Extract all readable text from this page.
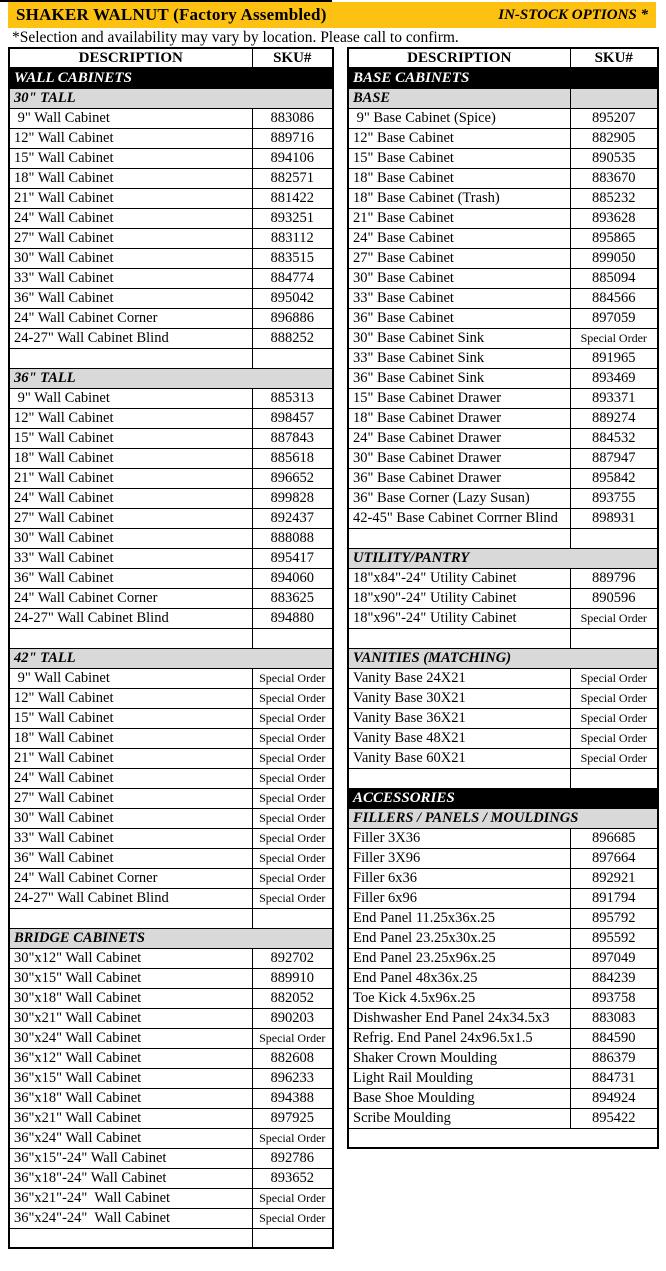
SHAKER WALNUT (Factory Assembled)	IN-STOCK OPTIONS *
*Selection and availability may vary by location. Please call to confirm.
DESCRIPTION	SKU#
WALL CABINETS	
30" TALL	
9" Wall Cabinet	883086
12" Wall Cabinet	889716
15" Wall Cabinet	894106
18" Wall Cabinet	882571
21" Wall Cabinet	881422
24" Wall Cabinet	893251
27" Wall Cabinet	883112
30" Wall Cabinet	883515
33" Wall Cabinet	884774
36" Wall Cabinet	895042
24" Wall Cabinet Corner	896886
24-27" Wall Cabinet Blind	888252

36" TALL	
9" Wall Cabinet	885313
12" Wall Cabinet	898457
15" Wall Cabinet	887843
18" Wall Cabinet	885618
21" Wall Cabinet	896652
24" Wall Cabinet	899828
27" Wall Cabinet	892437
30" Wall Cabinet	888088
33" Wall Cabinet	895417
36" Wall Cabinet	894060
24" Wall Cabinet Corner	883625
24-27" Wall Cabinet Blind	894880

42" TALL	
9" Wall Cabinet	Special Order
12" Wall Cabinet	Special Order
15" Wall Cabinet	Special Order
18" Wall Cabinet	Special Order
21" Wall Cabinet	Special Order
24" Wall Cabinet	Special Order
27" Wall Cabinet	Special Order
30" Wall Cabinet	Special Order
33" Wall Cabinet	Special Order
36" Wall Cabinet	Special Order
24" Wall Cabinet Corner	Special Order
24-27" Wall Cabinet Blind	Special Order

BRIDGE CABINETS	
30"x12" Wall Cabinet	892702
30"x15" Wall Cabinet	889910
30"x18" Wall Cabinet	882052
30"x21" Wall Cabinet	890203
30"x24" Wall Cabinet	Special Order
36"x12" Wall Cabinet	882608
36"x15" Wall Cabinet	896233
36"x18" Wall Cabinet	894388
36"x21" Wall Cabinet	897925
36"x24" Wall Cabinet	Special Order
36"x15"-24" Wall Cabinet	892786
36"x18"-24" Wall Cabinet	893652
36"x21"-24"  Wall Cabinet	Special Order
36"x24"-24"  Wall Cabinet	Special Order

DESCRIPTION	SKU#
BASE CABINETS	
BASE	
9" Base Cabinet (Spice)	895207
12" Base Cabinet	882905
15" Base Cabinet	890535
18" Base Cabinet	883670
18" Base Cabinet (Trash)	885232
21" Base Cabinet	893628
24" Base Cabinet	895865
27" Base Cabinet	899050
30" Base Cabinet	885094
33" Base Cabinet	884566
36" Base Cabinet	897059
30" Base Cabinet Sink	Special Order
33" Base Cabinet Sink	891965
36" Base Cabinet Sink	893469
15" Base Cabinet Drawer	893371
18" Base Cabinet Drawer	889274
24" Base Cabinet Drawer	884532
30" Base Cabinet Drawer	887947
36" Base Cabinet Drawer	895842
36" Base Corner (Lazy Susan)	893755
42-45" Base Cabinet Corrner Blind	898931

UTILITY/PANTRY	
18"x84"-24" Utility Cabinet	889796
18"x90"-24" Utility Cabinet	890596
18"x96"-24" Utility Cabinet	Special Order

VANITIES (MATCHING)	
Vanity Base 24X21	Special Order
Vanity Base 30X21	Special Order
Vanity Base 36X21	Special Order
Vanity Base 48X21	Special Order
Vanity Base 60X21	Special Order

ACCESSORIES	
FILLERS / PANELS / MOULDINGS	
Filler 3X36	896685
Filler 3X96	897664
Filler 6x36	892921
Filler 6x96	891794
End Panel 11.25x36x.25	895792
End Panel 23.25x30x.25	895592
End Panel 23.25x96x.25	897049
End Panel 48x36x.25	884239
Toe Kick 4.5x96x.25	893758
Dishwasher End Panel 24x34.5x3	883083
Refrig. End Panel 24x96.5x1.5	884590
Shaker Crown Moulding	886379
Light Rail Moulding	884731
Base Shoe Moulding	894924
Scribe Moulding	895422
